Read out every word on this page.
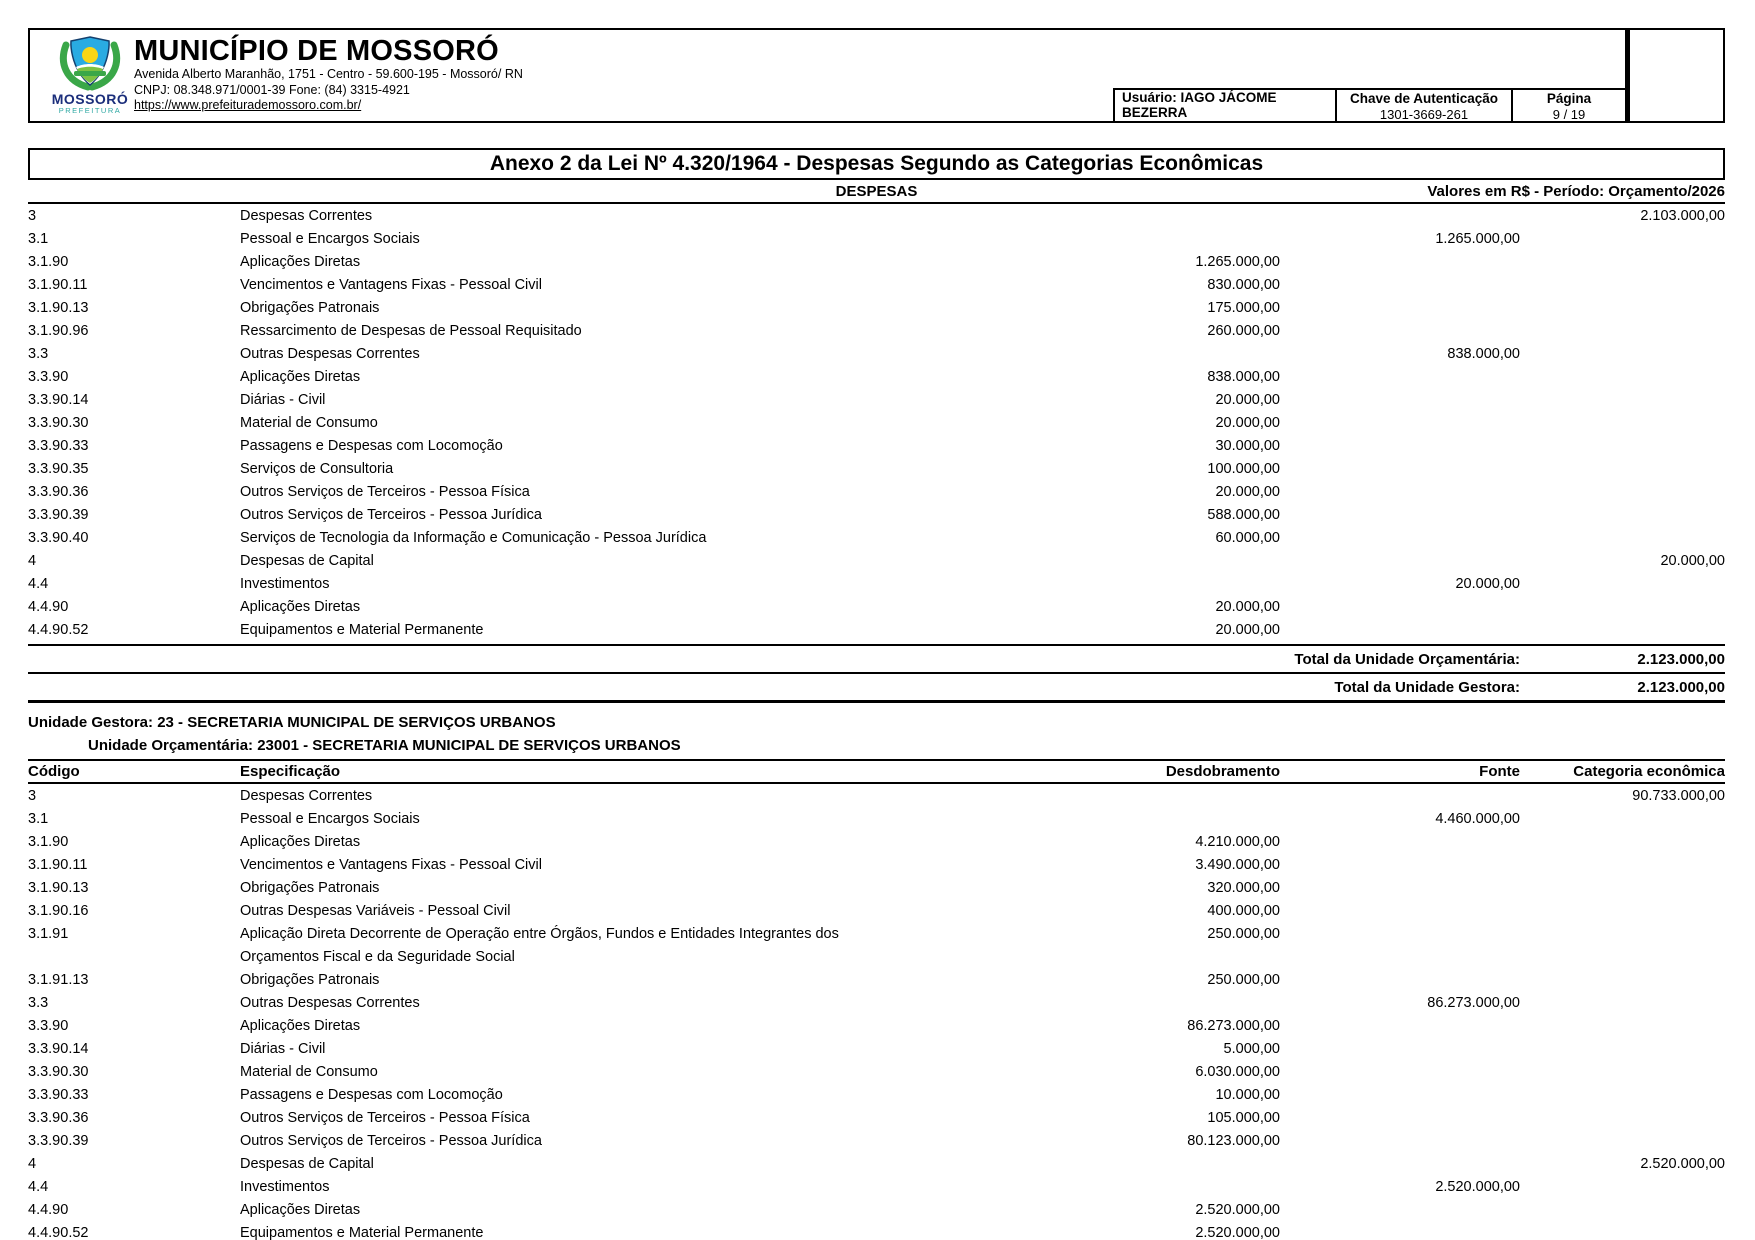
MOSSORÓ
PREFEITURA
MUNICÍPIO DE MOSSORÓ
Avenida Alberto Maranhão, 1751 - Centro - 59.600-195 - Mossoró/ RN
CNPJ: 08.348.971/0001-39 Fone: (84) 3315-4921
https://www.prefeiturademossoro.com.br/	Usuário: IAGO JÁCOME BEZERRA
Chave de Autenticação
1301-3669-261
Página
9 / 19
Anexo 2 da Lei Nº 4.320/1964 - Despesas Segundo as Categorias Econômicas
DESPESAS	Valores em R$ - Período: Orçamento/2026
3	Despesas Correntes			2.103.000,00
3.1	Pessoal e Encargos Sociais		1.265.000,00	
3.1.90	Aplicações Diretas	1.265.000,00		
3.1.90.11	Vencimentos e Vantagens Fixas - Pessoal Civil	830.000,00		
3.1.90.13	Obrigações Patronais	175.000,00		
3.1.90.96	Ressarcimento de Despesas de Pessoal Requisitado	260.000,00		
3.3	Outras Despesas Correntes		838.000,00	
3.3.90	Aplicações Diretas	838.000,00		
3.3.90.14	Diárias - Civil	20.000,00		
3.3.90.30	Material de Consumo	20.000,00		
3.3.90.33	Passagens e Despesas com Locomoção	30.000,00		
3.3.90.35	Serviços de Consultoria	100.000,00		
3.3.90.36	Outros Serviços de Terceiros - Pessoa Física	20.000,00		
3.3.90.39	Outros Serviços de Terceiros - Pessoa Jurídica	588.000,00		
3.3.90.40	Serviços de Tecnologia da Informação e Comunicação - Pessoa Jurídica	60.000,00		
4	Despesas de Capital			20.000,00
4.4	Investimentos		20.000,00	
4.4.90	Aplicações Diretas	20.000,00		
4.4.90.52	Equipamentos e Material Permanente	20.000,00		
Total da Unidade Orçamentária:	2.123.000,00
Total da Unidade Gestora:	2.123.000,00
Unidade Gestora: 23 - SECRETARIA MUNICIPAL DE SERVIÇOS URBANOS
Unidade Orçamentária: 23001 - SECRETARIA MUNICIPAL DE SERVIÇOS URBANOS
Código	Especificação	Desdobramento	Fonte	Categoria econômica
3	Despesas Correntes			90.733.000,00
3.1	Pessoal e Encargos Sociais		4.460.000,00	
3.1.90	Aplicações Diretas	4.210.000,00		
3.1.90.11	Vencimentos e Vantagens Fixas - Pessoal Civil	3.490.000,00		
3.1.90.13	Obrigações Patronais	320.000,00		
3.1.90.16	Outras Despesas Variáveis - Pessoal Civil	400.000,00		
3.1.91	Aplicação Direta Decorrente de Operação entre Órgãos, Fundos e Entidades Integrantes dos Orçamentos Fiscal e da Seguridade Social	250.000,00		
3.1.91.13	Obrigações Patronais	250.000,00		
3.3	Outras Despesas Correntes		86.273.000,00	
3.3.90	Aplicações Diretas	86.273.000,00		
3.3.90.14	Diárias - Civil	5.000,00		
3.3.90.30	Material de Consumo	6.030.000,00		
3.3.90.33	Passagens e Despesas com Locomoção	10.000,00		
3.3.90.36	Outros Serviços de Terceiros - Pessoa Física	105.000,00		
3.3.90.39	Outros Serviços de Terceiros - Pessoa Jurídica	80.123.000,00		
4	Despesas de Capital			2.520.000,00
4.4	Investimentos		2.520.000,00	
4.4.90	Aplicações Diretas	2.520.000,00		
4.4.90.52	Equipamentos e Material Permanente	2.520.000,00		
